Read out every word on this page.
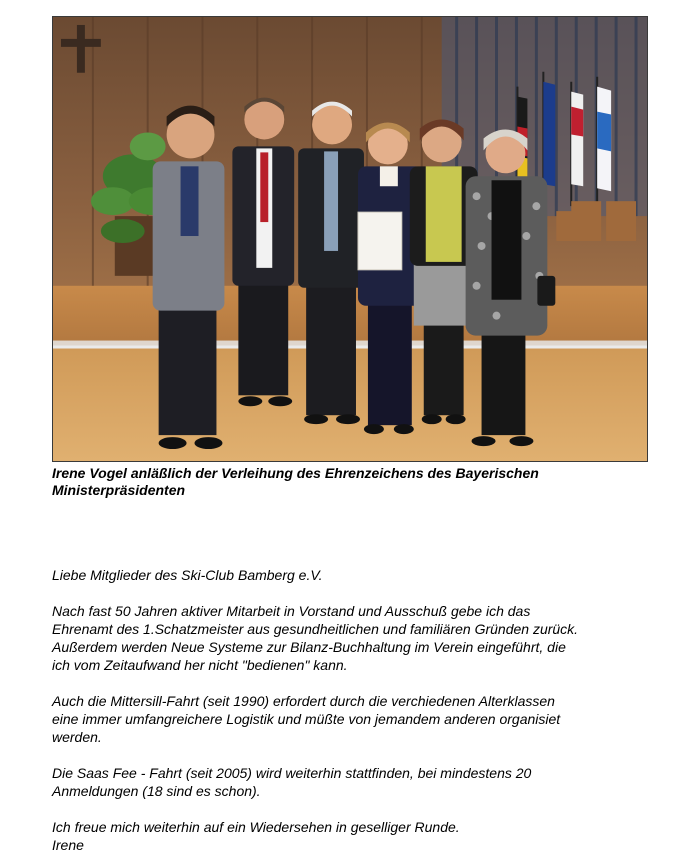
Irene Vogel anläßlich der Verleihung des Ehrenzeichens des Bayerischen
Ministerpräsidenten

Liebe Mitglieder des Ski-Club Bamberg e.V.

Nach fast 50 Jahren aktiver Mitarbeit in Vorstand und Ausschuß gebe ich das
Ehrenamt des 1.Schatzmeister aus gesundheitlichen und familiären Gründen zurück.
Außerdem werden Neue Systeme zur Bilanz-Buchhaltung im Verein eingeführt, die
ich vom Zeitaufwand her nicht "bedienen" kann.

Auch die Mittersill-Fahrt (seit 1990) erfordert durch die verchiedenen Alterklassen
eine immer umfangreichere Logistik und müßte von jemandem anderen organisiet
werden.

Die Saas Fee - Fahrt (seit 2005) wird weiterhin stattfinden, bei mindestens 20
Anmeldungen (18 sind es schon).

Ich freue mich weiterhin auf ein Wiedersehen in geselliger Runde.
Irene
